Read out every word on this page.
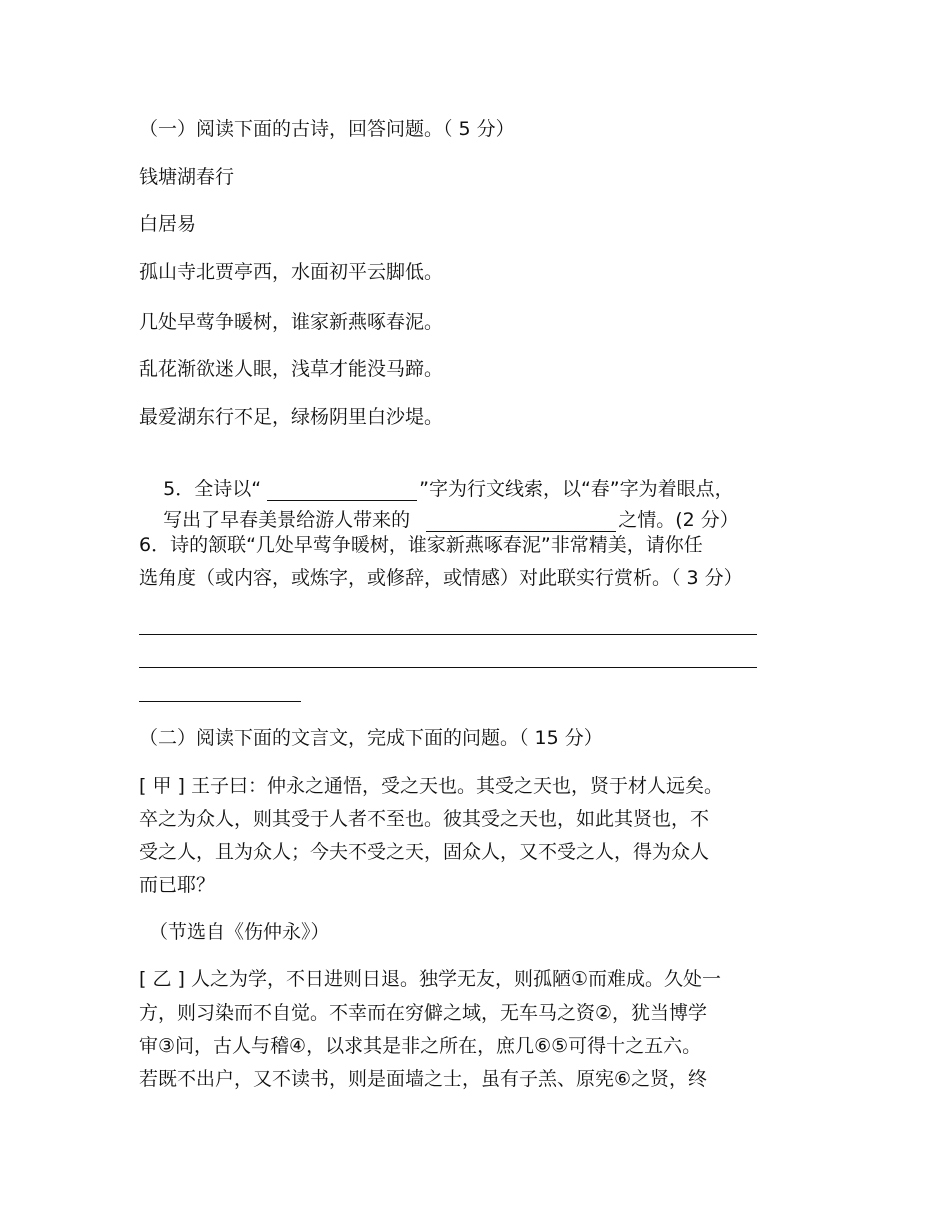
（一）阅读下面的古诗，回答问题。（ 5 分）
钱塘湖春行
白居易
孤山寺北贾亭西，水面初平云脚低。
几处早莺争暖树，谁家新燕啄春泥。
乱花渐欲迷人眼，浅草才能没马蹄。
最爱湖东行不足，绿杨阴里白沙堤。

5．全诗以“	”字为行文线索，以“春”字为着眼点，

写出了早春美景给游人带来的	之情。(2 分）

6．诗的颔联“几处早莺争暖树，谁家新燕啄春泥”非常精美，请你任
选角度（或内容，或炼字，或修辞，或情感）对此联实行赏析。（ 3 分）
（二）阅读下面的文言文，完成下面的问题。（ 15 分）
[ 甲 ] 王子曰：仲永之通悟，受之天也。其受之天也，贤于材人远矣。
卒之为众人，则其受于人者不至也。彼其受之天也，如此其贤也，不
受之人，且为众人；今夫不受之天，固众人，又不受之人，得为众人
而已耶？
（节选自《伤仲永》）
[ 乙 ] 人之为学，不日进则日退。独学无友，则孤陋①而难成。久处一
方，则习染而不自觉。不幸而在穷僻之域，无车马之资②，犹当博学
审③问，古人与稽④，以求其是非之所在，庶几⑥⑤可得十之五六。
若既不出户，又不读书，则是面墙之士，虽有子羔、原宪⑥之贤，终
